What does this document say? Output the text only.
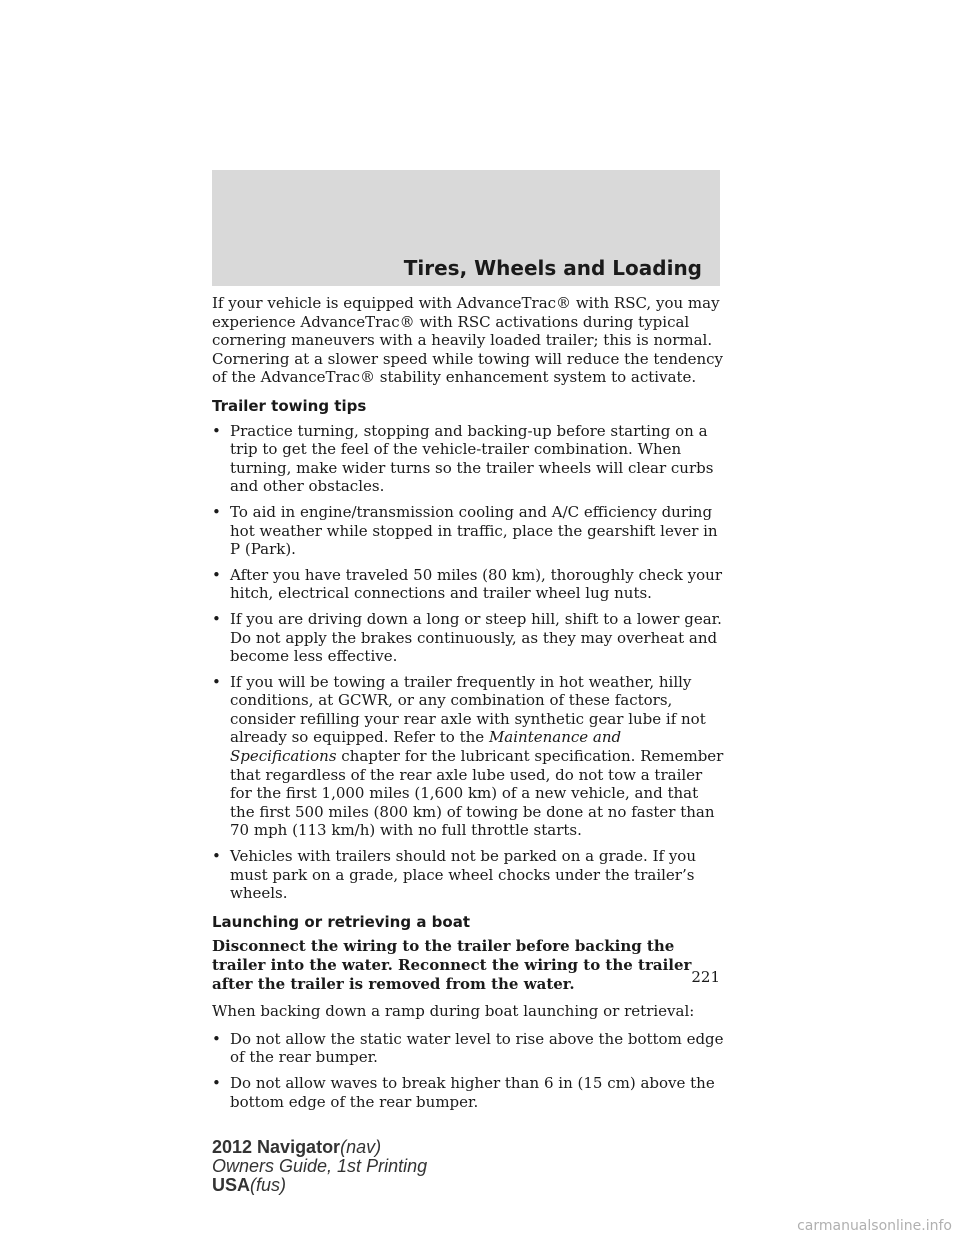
Tires, Wheels and Loading

If your vehicle is equipped with AdvanceTrac® with RSC, you may experience AdvanceTrac® with RSC activations during typical cornering maneuvers with a heavily loaded trailer; this is normal. Cornering at a slower speed while towing will reduce the tendency of the AdvanceTrac® stability enhancement system to activate.

Trailer towing tips
• Practice turning, stopping and backing-up before starting on a trip to get the feel of the vehicle-trailer combination. When turning, make wider turns so the trailer wheels will clear curbs and other obstacles.
• To aid in engine/transmission cooling and A/C efficiency during hot weather while stopped in traffic, place the gearshift lever in P (Park).
• After you have traveled 50 miles (80 km), thoroughly check your hitch, electrical connections and trailer wheel lug nuts.
• If you are driving down a long or steep hill, shift to a lower gear. Do not apply the brakes continuously, as they may overheat and become less effective.
• If you will be towing a trailer frequently in hot weather, hilly conditions, at GCWR, or any combination of these factors, consider refilling your rear axle with synthetic gear lube if not already so equipped. Refer to the Maintenance and Specifications chapter for the lubricant specification. Remember that regardless of the rear axle lube used, do not tow a trailer for the first 1,000 miles (1,600 km) of a new vehicle, and that the first 500 miles (800 km) of towing be done at no faster than 70 mph (113 km/h) with no full throttle starts.
• Vehicles with trailers should not be parked on a grade. If you must park on a grade, place wheel chocks under the trailer’s wheels.
Launching or retrieving a boat

Disconnect the wiring to the trailer before backing the trailer into the water. Reconnect the wiring to the trailer after the trailer is removed from the water.

When backing down a ramp during boat launching or retrieval:

• Do not allow the static water level to rise above the bottom edge of the rear bumper.
• Do not allow waves to break higher than 6 in (15 cm) above the bottom edge of the rear bumper.
221
2012 Navigator(nav)
Owners Guide, 1st Printing
USA(fus)
carmanualsonline.info
